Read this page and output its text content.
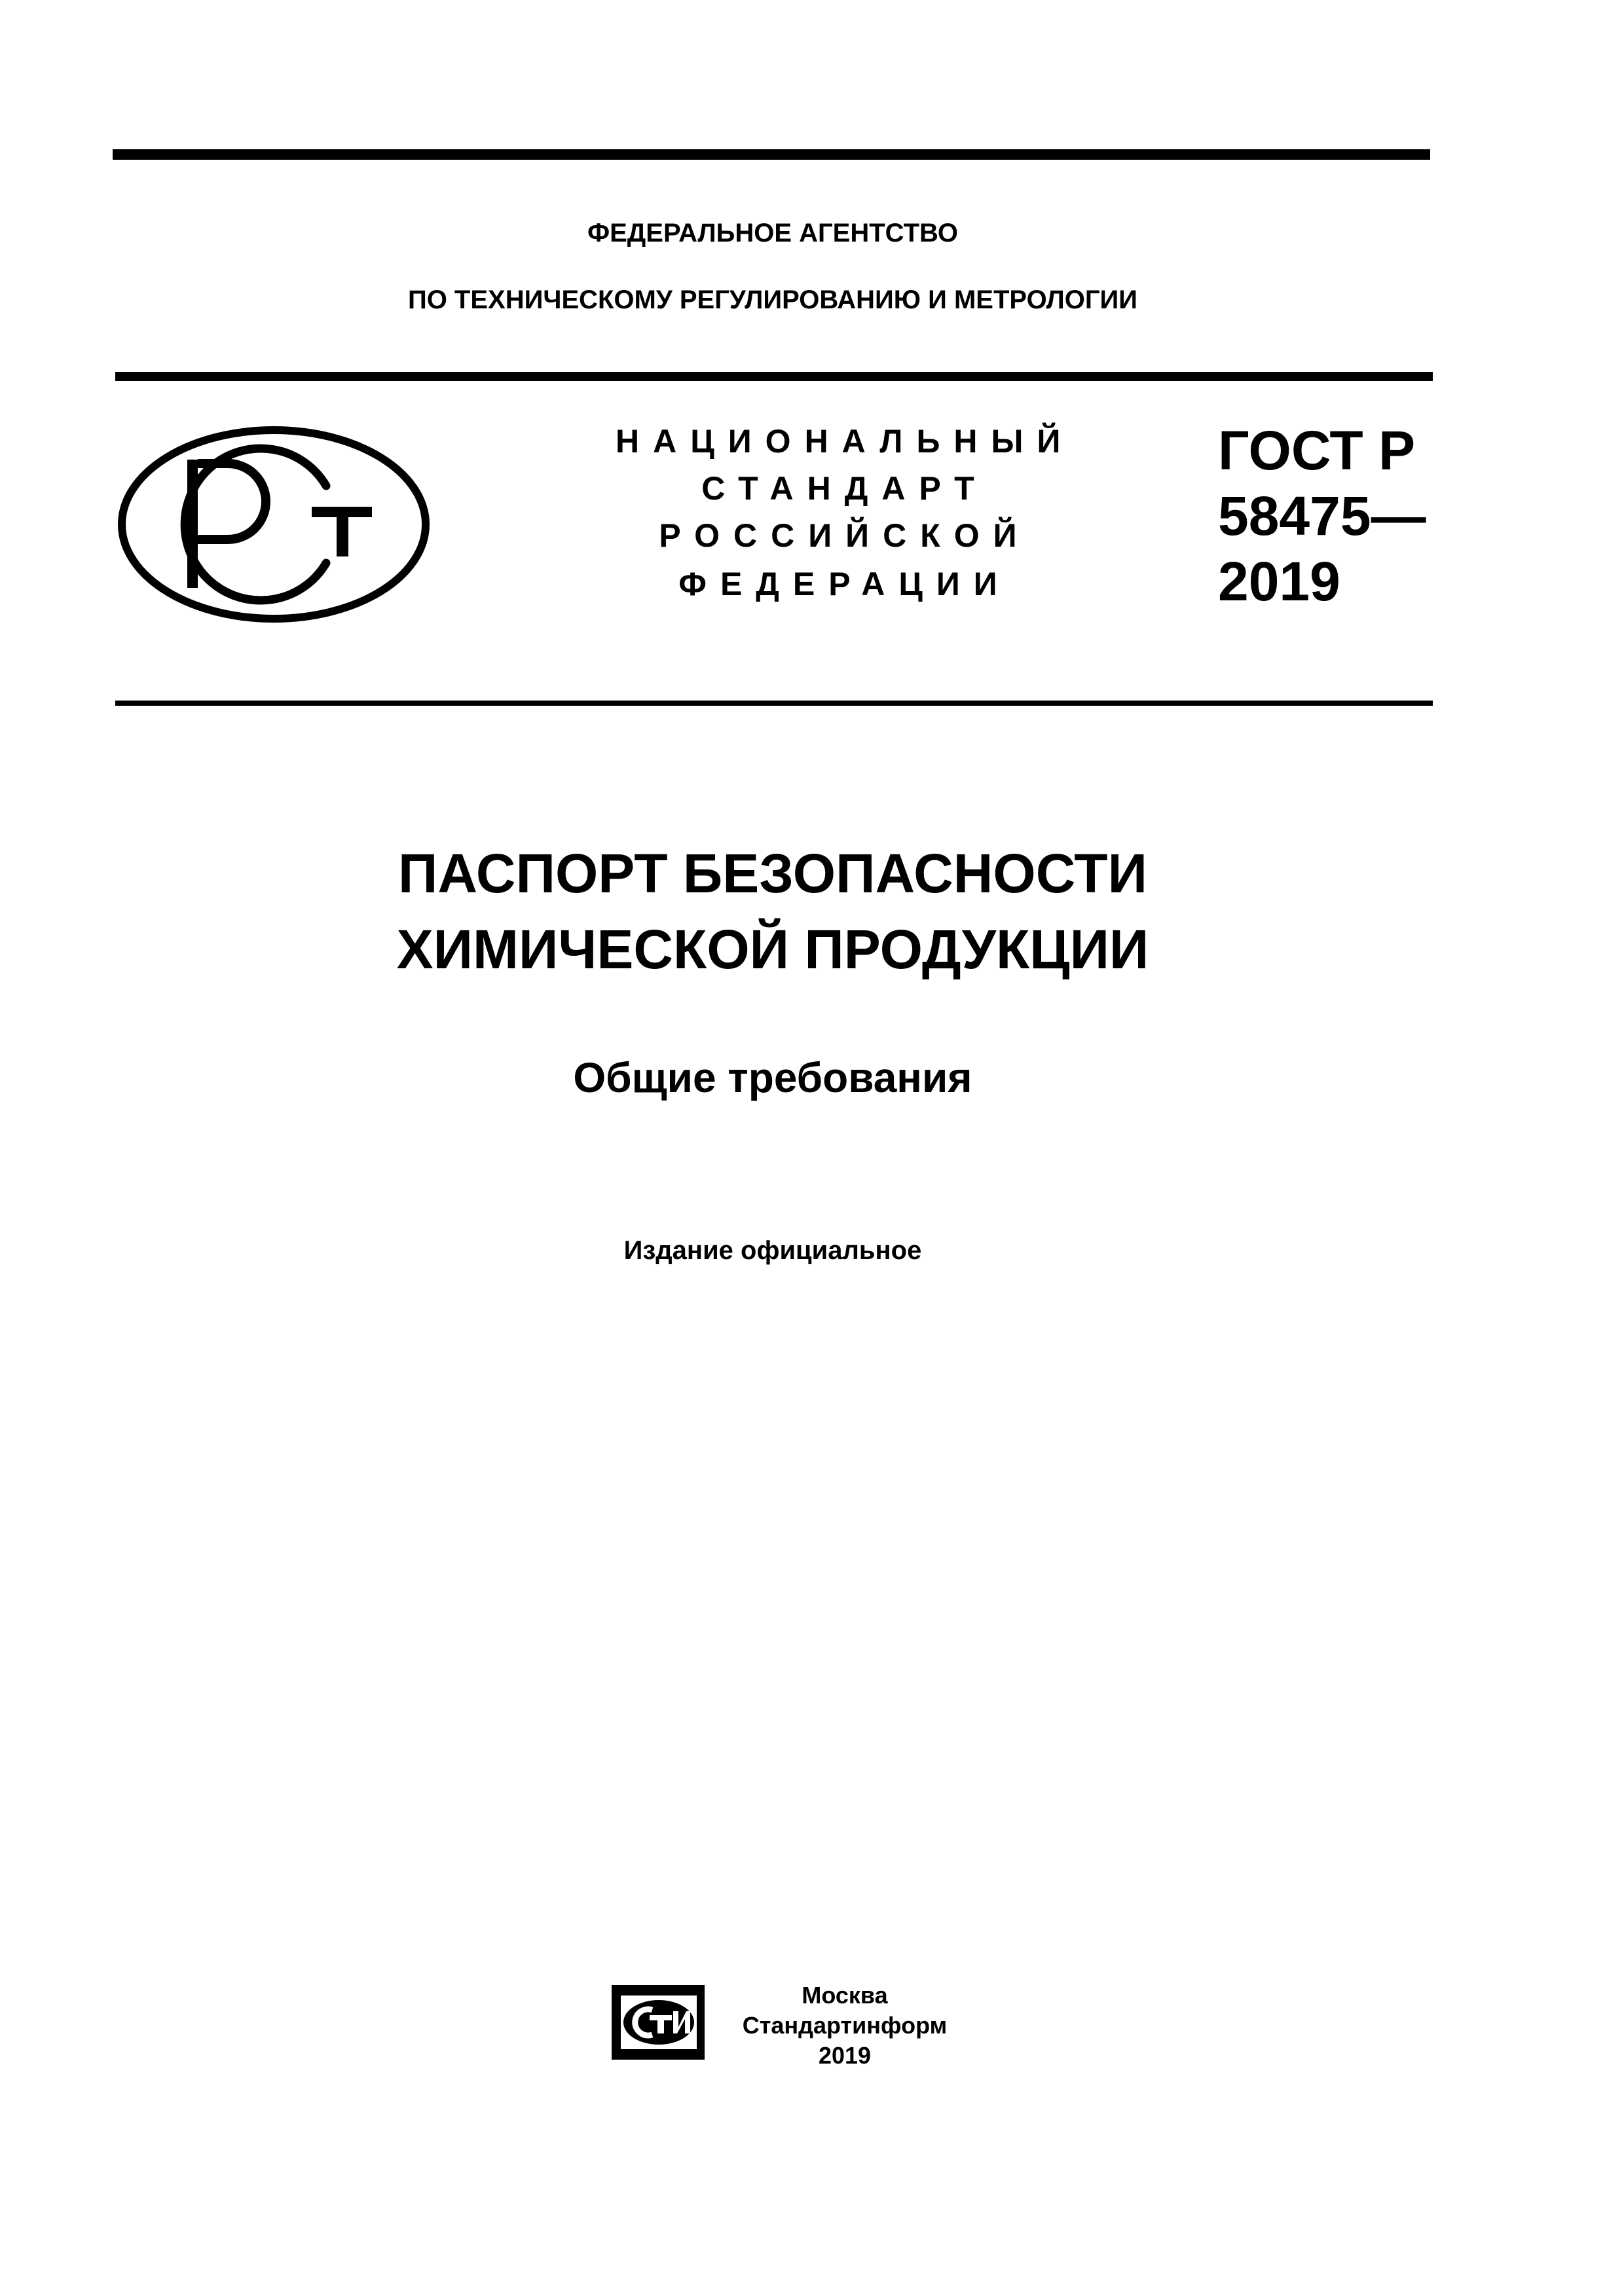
ФЕДЕРАЛЬНОЕ АГЕНТСТВО
ПО ТЕХНИЧЕСКОМУ РЕГУЛИРОВАНИЮ И МЕТРОЛОГИИ
НАЦИОНАЛЬНЫЙ
СТАНДАРТ
РОССИЙСКОЙ
ФЕДЕРАЦИИ
ГОСТ Р
58475—
2019
ПАСПОРТ БЕЗОПАСНОСТИ
ХИМИЧЕСКОЙ ПРОДУКЦИИ
Общие требования
Издание официальное
Москва
Стандартинформ
2019
